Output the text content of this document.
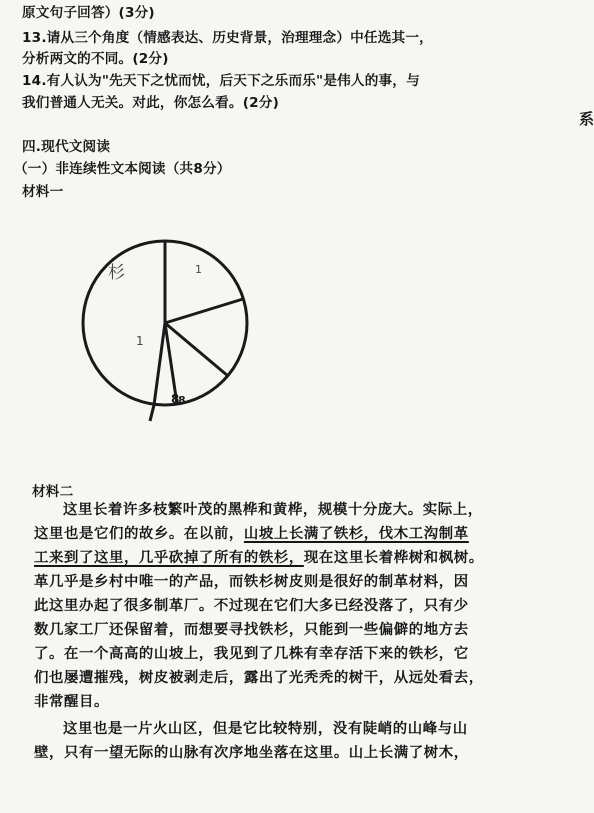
原文句子回答）(3分)
13.请从三个角度（情感表达、历史背景，治理理念）中任选其一，
分析两文的不同。(2分)
14.有人认为"先天下之忧而忧，后天下之乐而乐"是伟人的事，与
我们普通人无关。对此，你怎么看。(2分)
四.现代文阅读
（一）非连续性文本阅读（共8分）
材料一
系
杉	1
1
8
8
材料二
这里长着许多枝繁叶茂的黑桦和黄桦，规模十分庞大。实际上，
这里也是它们的故乡。在以前，山坡上长满了铁杉，伐木工沟制革
工来到了这里，几乎砍掉了所有的铁杉，现在这里长着桦树和枫树。
革几乎是乡村中唯一的产品，而铁杉树皮则是很好的制革材料，因
此这里办起了很多制革厂。不过现在它们大多已经没落了，只有少
数几家工厂还保留着，而想要寻找铁杉，只能到一些偏僻的地方去
了。在一个高高的山坡上，我见到了几株有幸存活下来的铁杉，它
们也屡遭摧残，树皮被剥走后，露出了光秃秃的树干，从远处看去，
非常醒目。
这里也是一片火山区，但是它比较特别，没有陡峭的山峰与山
壁，只有一望无际的山脉有次序地坐落在这里。山上长满了树木，
